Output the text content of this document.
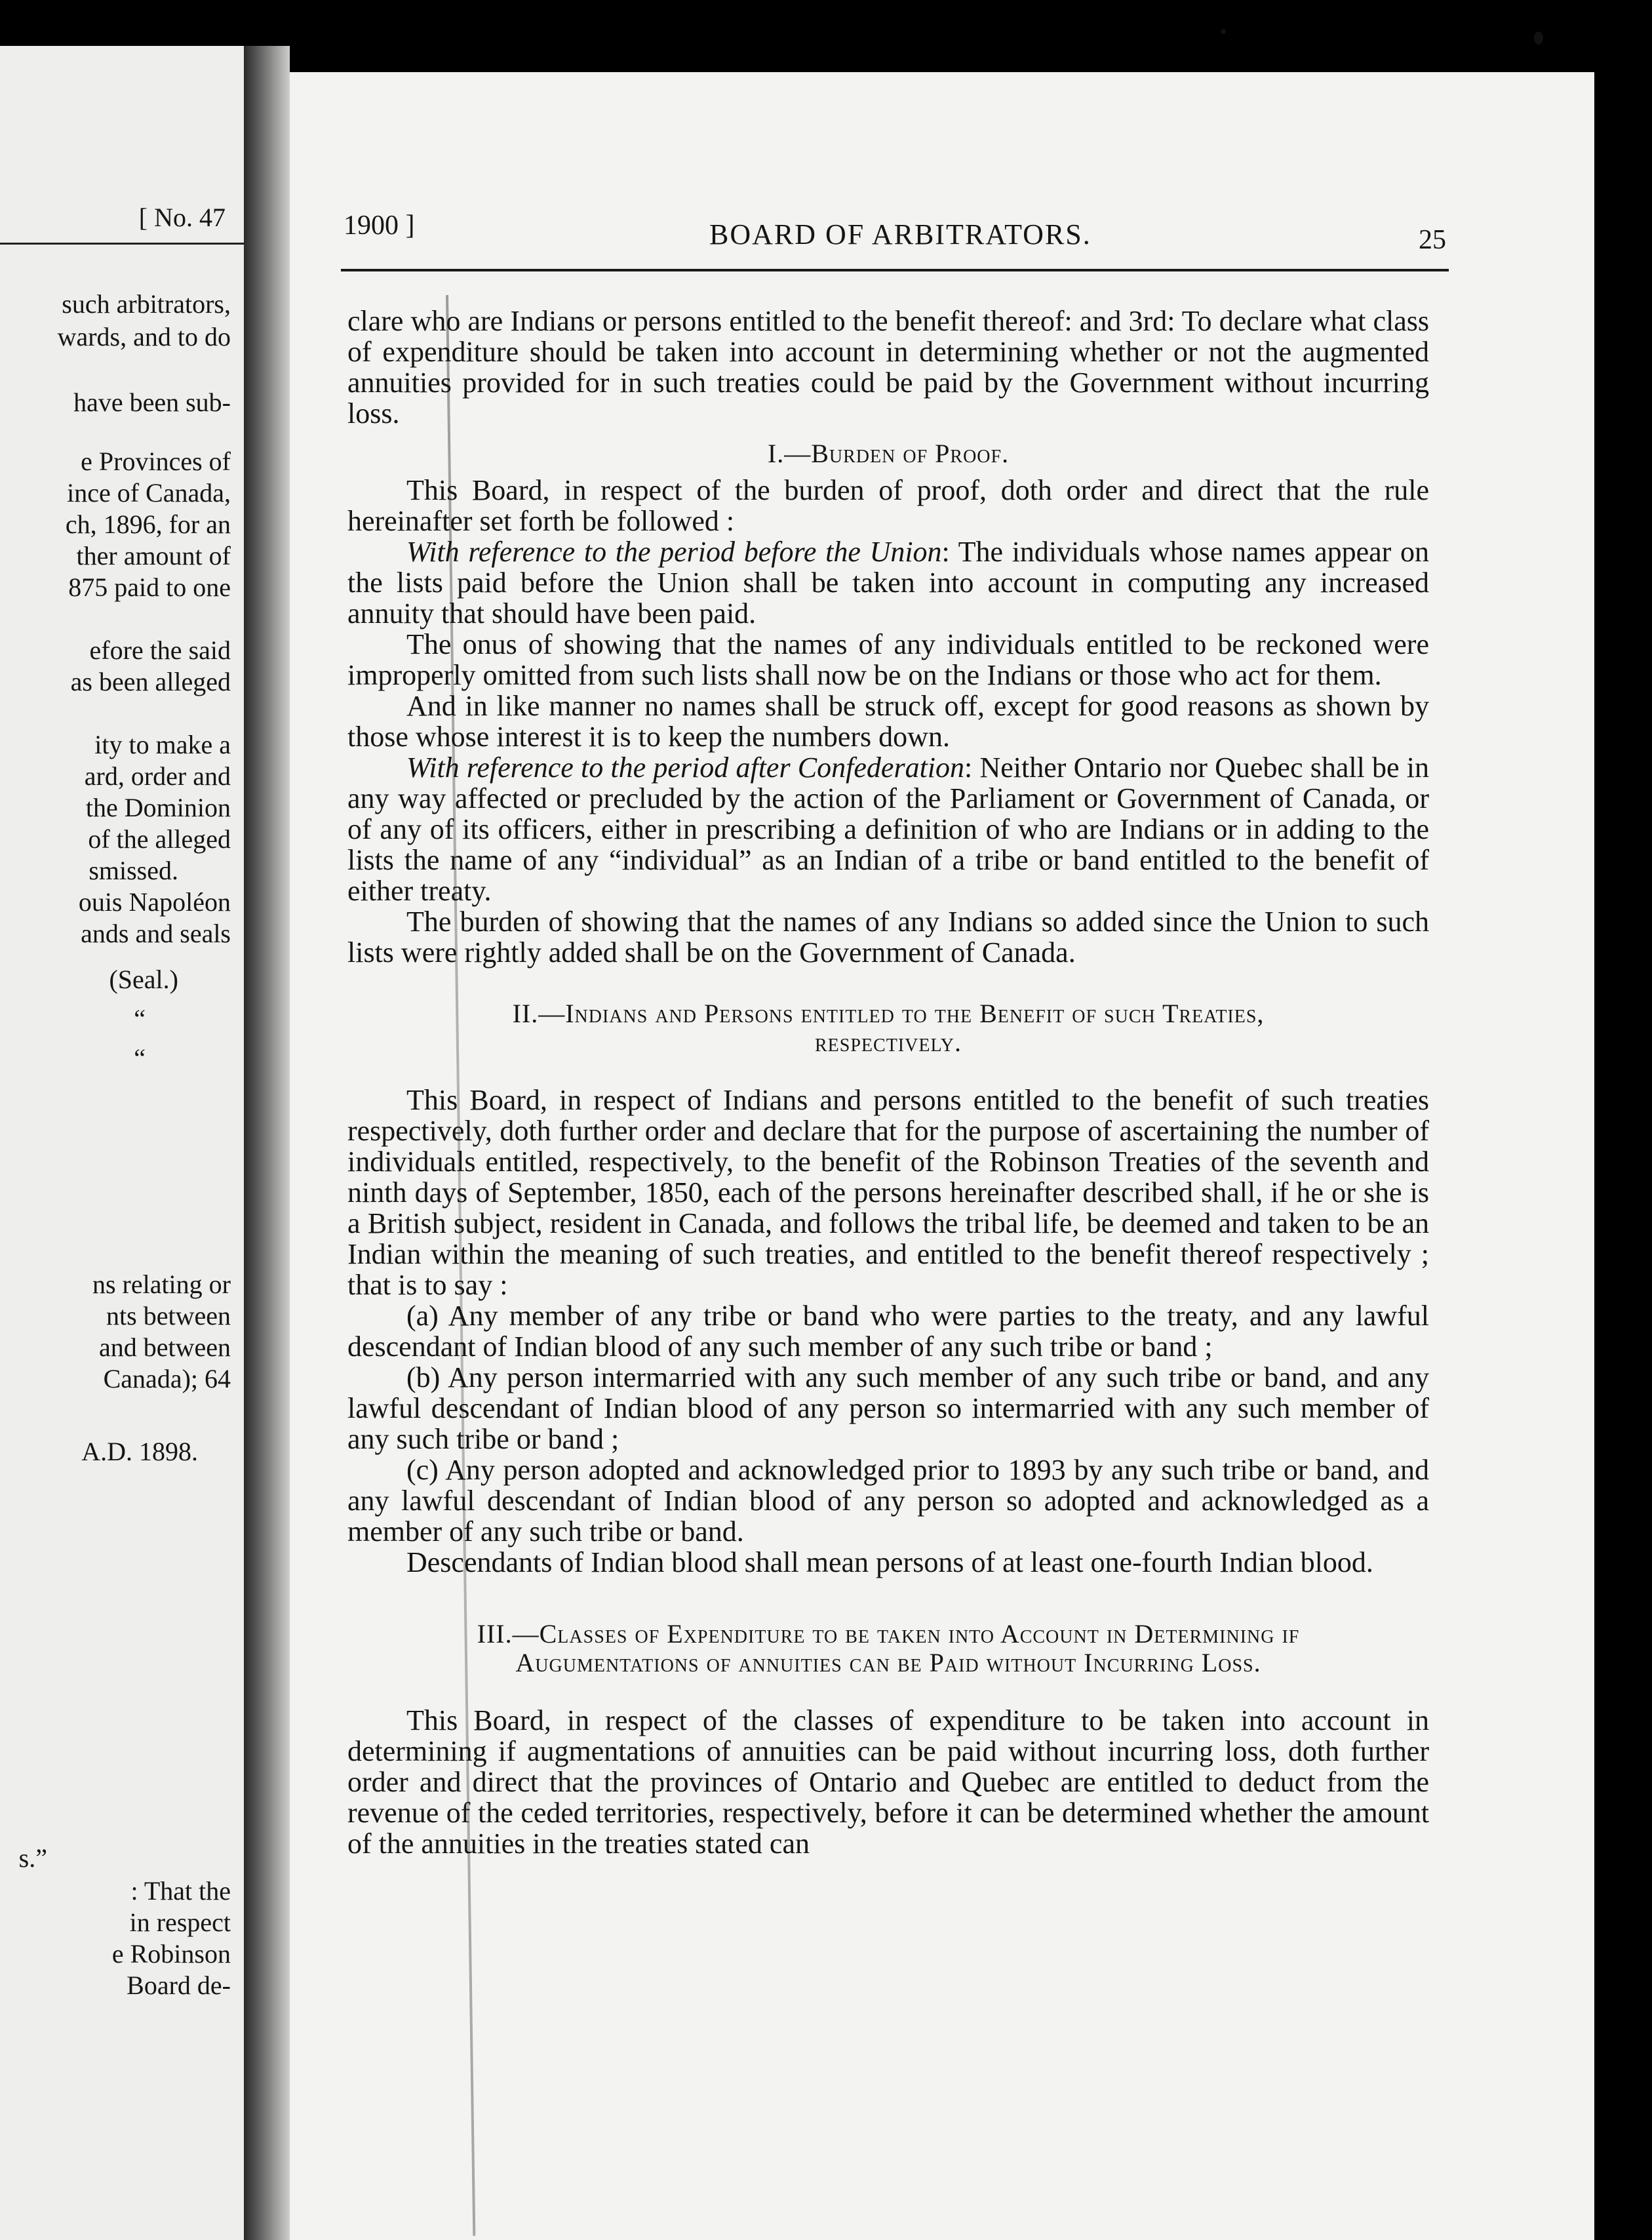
[ No. 47
such arbitrators,
wards, and to do
have been sub-
e Provinces of
ince of Canada,
ch, 1896, for an
ther amount of
875 paid to one
efore the said
as been alleged
ity to make a
ard, order and
the Dominion
of the alleged
smissed.
ouis Napoléon
ands and seals
(Seal.)
“
“
ns relating or
nts between
and between
Canada); 64
A.D. 1898.
s.”
: That the
in respect
e Robinson
Board de-
1900 ]	BOARD OF ARBITRATORS.	25

clare who are Indians or persons entitled to the benefit thereof: and 3rd: To declare what class of expenditure should be taken into account in determining whether or not the augmented annuities provided for in such treaties could be paid by the Government without incurring loss.

I.—Burden of Proof.

This Board, in respect of the burden of proof, doth order and direct that the rule hereinafter set forth be followed :

With reference to the period before the Union: The individuals whose names appear on the lists paid before the Union shall be taken into account in computing any increased annuity that should have been paid.

The onus of showing that the names of any individuals entitled to be reckoned were improperly omitted from such lists shall now be on the Indians or those who act for them.

And in like manner no names shall be struck off, except for good reasons as shown by those whose interest it is to keep the numbers down.

With reference to the period after Confederation: Neither Ontario nor Quebec shall be in any way affected or precluded by the action of the Parliament or Government of Canada, or of any of its officers, either in prescribing a definition of who are Indians or in adding to the lists the name of any “individual” as an Indian of a tribe or band entitled to the benefit of either treaty.

The burden of showing that the names of any Indians so added since the Union to such lists were rightly added shall be on the Government of Canada.

II.—Indians and Persons entitled to the Benefit of such Treaties,
respectively.

This Board, in respect of Indians and persons entitled to the benefit of such treaties respectively, doth further order and declare that for the purpose of ascertaining the number of individuals entitled, respectively, to the benefit of the Robinson Treaties of the seventh and ninth days of September, 1850, each of the persons hereinafter described shall, if he or she is a British subject, resident in Canada, and follows the tribal life, be deemed and taken to be an Indian within the meaning of such treaties, and entitled to the benefit thereof respectively ; that is to say :

(a) Any member of any tribe or band who were parties to the treaty, and any lawful descendant of Indian blood of any such member of any such tribe or band ;

(b) Any person intermarried with any such member of any such tribe or band, and any lawful descendant of Indian blood of any person so intermarried with any such member of any such tribe or band ;

(c) Any person adopted and acknowledged prior to 1893 by any such tribe or band, and any lawful descendant of Indian blood of any person so adopted and acknowledged as a member of any such tribe or band.

Descendants of Indian blood shall mean persons of at least one-fourth Indian blood.

III.—Classes of Expenditure to be taken into Account in Determining if
Augumentations of annuities can be Paid without Incurring Loss.

This Board, in respect of the classes of expenditure to be taken into account in determining if augmentations of annuities can be paid without incurring loss, doth further order and direct that the provinces of Ontario and Quebec are entitled to deduct from the revenue of the ceded territories, respectively, before it can be determined whether the amount of the annuities in the treaties stated can
